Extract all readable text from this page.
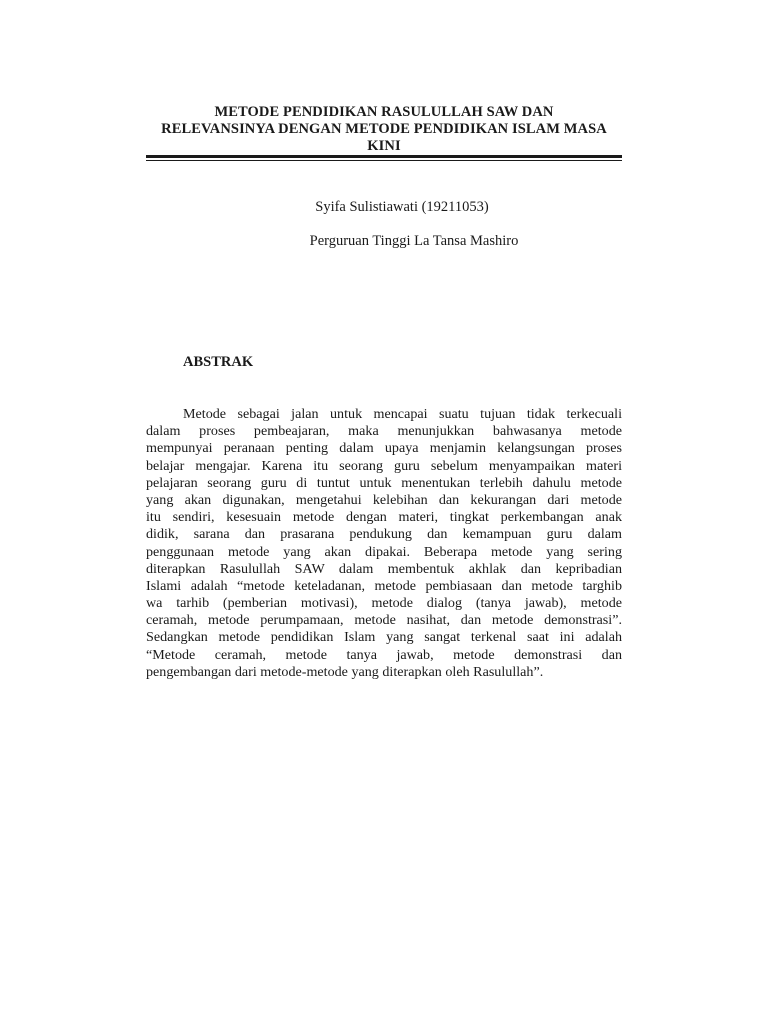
METODE PENDIDIKAN RASULULLAH SAW DAN
RELEVANSINYA DENGAN METODE PENDIDIKAN ISLAM MASA
KINI
Syifa Sulistiawati (19211053)
Perguruan Tinggi La Tansa Mashiro
ABSTRAK
Metode sebagai jalan untuk mencapai suatu tujuan tidak terkecuali
dalam proses pembeajaran, maka menunjukkan bahwasanya metode
mempunyai peranaan penting dalam upaya menjamin kelangsungan proses
belajar mengajar. Karena itu seorang guru sebelum menyampaikan materi
pelajaran seorang guru di tuntut untuk menentukan terlebih dahulu metode
yang akan digunakan, mengetahui kelebihan dan kekurangan dari metode
itu sendiri, kesesuain metode dengan materi, tingkat perkembangan anak
didik, sarana dan prasarana pendukung dan kemampuan guru dalam
penggunaan metode yang akan dipakai. Beberapa metode yang sering
diterapkan Rasulullah SAW dalam membentuk akhlak dan kepribadian
Islami adalah “metode keteladanan, metode pembiasaan dan metode targhib
wa tarhib (pemberian motivasi), metode dialog (tanya jawab), metode
ceramah, metode perumpamaan, metode nasihat, dan metode demonstrasi”.
Sedangkan metode pendidikan Islam yang sangat terkenal saat ini adalah
“Metode ceramah, metode tanya jawab, metode demonstrasi dan
pengembangan dari metode-metode yang diterapkan oleh Rasulullah”.
